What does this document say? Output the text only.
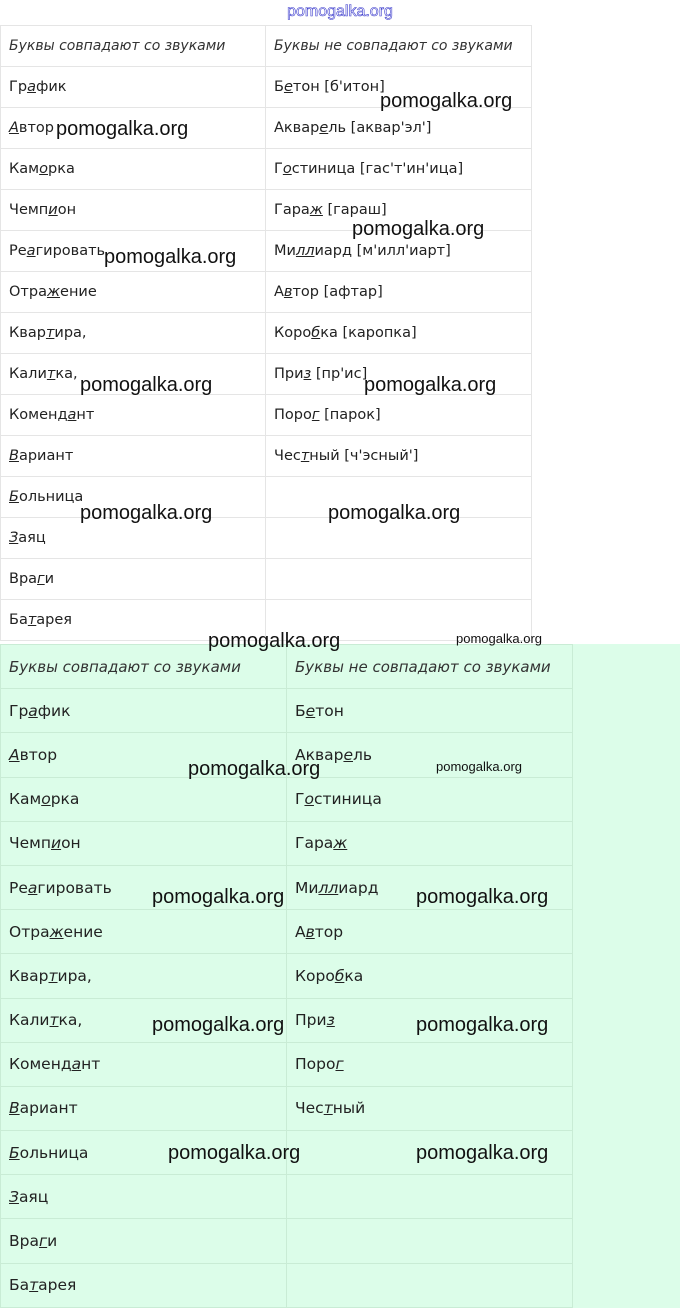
pomogalka.org
Буквы совпадают со звуками	Буквы не совпадают со звуками
График	Бетон [б'итон]
Автор	Акварель [аквар'эл']
Каморка	Гостиница [гас'т'ин'ица]
Чемпион	Гараж [гараш]
Реагировать	Миллиард [м'илл'иарт]
Отражение	Автор [афтар]
Квартира,	Коробка [каропка]
Калитка,	Приз [пр'ис]
Комендант	Порог [парок]
Вариант	Честный [ч'эсный']
Больница	
Заяц	
Враги	
Батарея	
Буквы совпадают со звуками	Буквы не совпадают со звуками
График	Бетон
Автор	Акварель
Каморка	Гостиница
Чемпион	Гараж
Реагировать	Миллиард
Отражение	Автор
Квартира,	Коробка
Калитка,	Приз
Комендант	Порог
Вариант	Честный
Больница	
Заяц	
Враги	
Батарея	
pomogalka.org
pomogalka.org
pomogalka.org
pomogalka.org
pomogalka.org	pomogalka.org
pomogalka.org	pomogalka.org
pomogalka.org	pomogalka.org
pomogalka.org	pomogalka.org
pomogalka.org	pomogalka.org
pomogalka.org	pomogalka.org
pomogalka.org	pomogalka.org
